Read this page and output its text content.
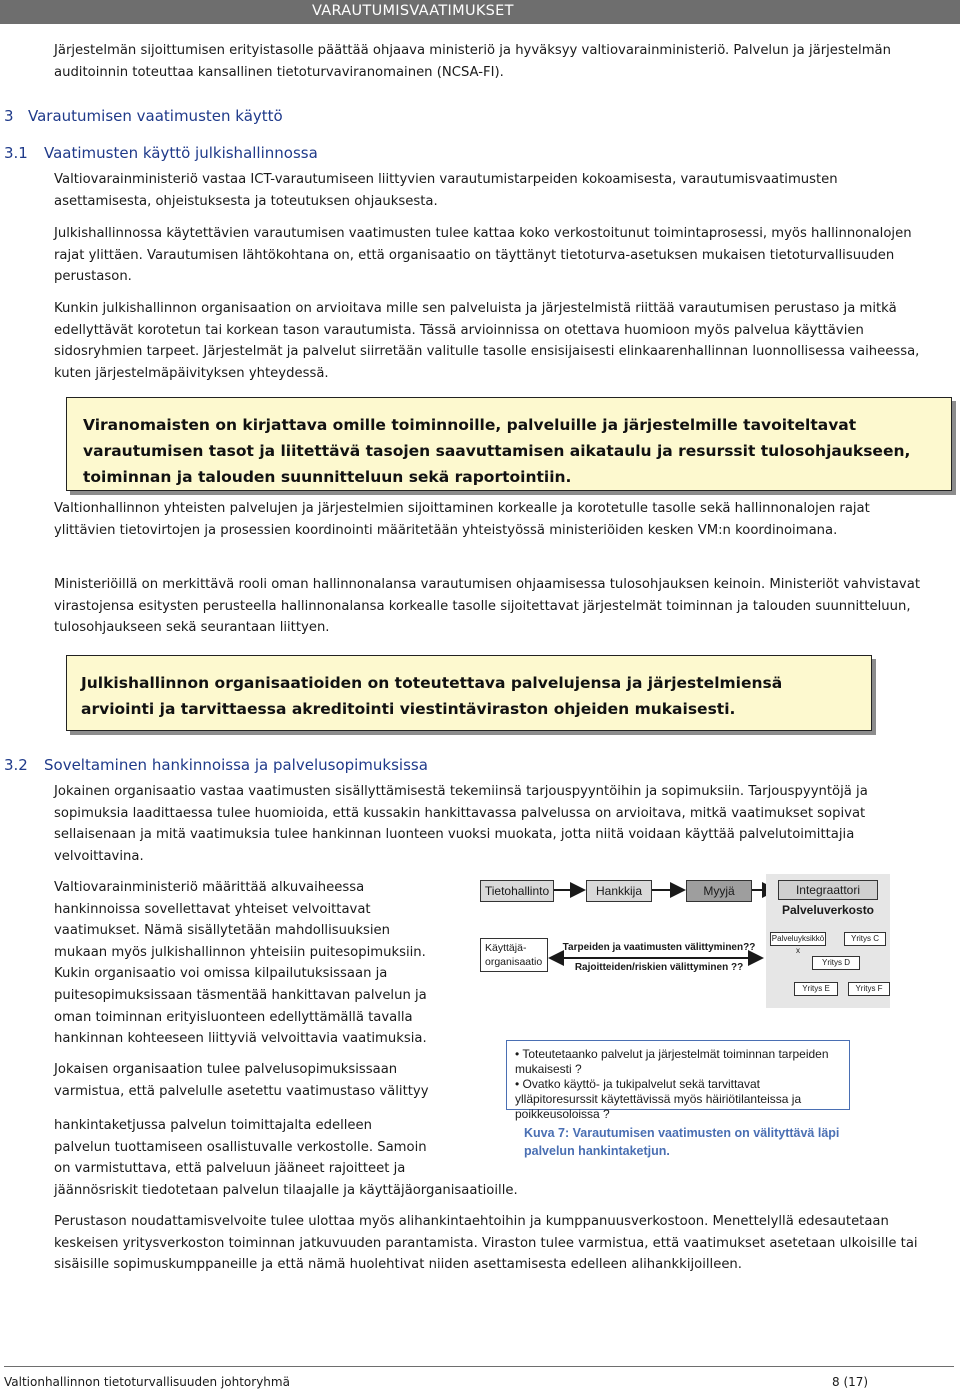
VARAUTUMISVAATIMUKSET

Järjestelmän sijoittumisen erityistasolle päättää ohjaava ministeriö ja hyväksyy valtiovarainministeriö. Palvelun ja järjestelmän auditoinnin toteuttaa kansallinen tietoturvaviranomainen (NCSA-FI).

3 Varautumisen vaatimusten käyttö
3.1 Vaatimusten käyttö julkishallinnossa

Valtiovarainministeriö vastaa ICT-varautumiseen liittyvien varautumistarpeiden kokoamisesta, varautumisvaatimusten asettamisesta, ohjeistuksesta ja toteutuksen ohjauksesta.

Julkishallinnossa käytettävien varautumisen vaatimusten tulee kattaa koko verkostoitunut toimintaprosessi, myös hallinnonalojen rajat ylittäen. Varautumisen lähtökohtana on, että organisaatio on täyttänyt tietoturva-asetuksen mukaisen tietoturvallisuuden perustason.

Kunkin julkishallinnon organisaation on arvioitava mille sen palveluista ja järjestelmistä riittää varautumisen perustaso ja mitkä edellyttävät korotetun tai korkean tason varautumista. Tässä arvioinnissa on otettava huomioon myös palvelua käyttävien sidosryhmien tarpeet. Järjestelmät ja palvelut siirretään valitulle tasolle ensisijaisesti elinkaarenhallinnan luonnollisessa vaiheessa, kuten järjestelmäpäivityksen yhteydessä.

Viranomaisten on kirjattava omille toiminnoille, palveluille ja järjestelmille tavoiteltavat varautumisen tasot ja liitettävä tasojen saavuttamisen aikataulu ja resurssit tulosohjaukseen, toiminnan ja talouden suunnitteluun sekä raportointiin.

Valtionhallinnon yhteisten palvelujen ja järjestelmien sijoittaminen korkealle ja korotetulle tasolle sekä hallinnonalojen rajat ylittävien tietovirtojen ja prosessien koordinointi määritetään yhteistyössä ministeriöiden kesken VM:n koordinoimana.

Ministeriöillä on merkittävä rooli oman hallinnonalansa varautumisen ohjaamisessa tulosohjauksen keinoin. Ministeriöt vahvistavat virastojensa esitysten perusteella hallinnonalansa korkealle tasolle sijoitettavat järjestelmät toiminnan ja talouden suunnitteluun, tulosohjaukseen sekä seurantaan liittyen.

Julkishallinnon organisaatioiden on toteutettava palvelujensa ja järjestelmiensä arviointi ja tarvittaessa akreditointi viestintäviraston ohjeiden mukaisesti.
3.2 Soveltaminen hankinnoissa ja palvelusopimuksissa

Jokainen organisaatio vastaa vaatimusten sisällyttämisestä tekemiinsä tarjouspyyntöihin ja sopimuksiin. Tarjouspyyntöjä ja sopimuksia laadittaessa tulee huomioida, että kussakin hankittavassa palvelussa on arvioitava, mitkä vaatimukset sopivat sellaisenaan ja mitä vaatimuksia tulee hankinnan luonteen vuoksi muokata, jotta niitä voidaan käyttää palvelutoimittajia velvoittavina.

Valtiovarainministeriö määrittää alkuvaiheessa
hankinnoissa sovellettavat yhteiset velvoittavat
vaatimukset. Nämä sisällytetään mahdollisuuksien
mukaan myös julkishallinnon yhteisiin puitesopimuksiin.
Kukin organisaatio voi omissa kilpailutuksissaan ja
puitesopimuksissaan täsmentää hankittavan palvelun ja
oman toiminnan erityisluonteen edellyttämällä tavalla
hankinnan kohteeseen liittyviä velvoittavia vaatimuksia.
Jokaisen organisaation tulee palvelusopimuksissaan
varmistua, että palvelulle asetettu vaatimustaso välittyy
hankintaketjussa palvelun toimittajalta edelleen
palvelun tuottamiseen osallistuvalle verkostolle. Samoin
on varmistuttava, että palveluun jääneet rajoitteet ja
jäännösriskit tiedotetaan palvelun tilaajalle ja käyttäjäorganisaatioille.
Tietohallinto	Hankkija	Myyjä	Integraattori
Palveluverkosto
Palveluyksikkö x
Yritys C
Yritys D
Yritys E	Yritys F
Käyttäjä-
organisaatio
Tarpeiden ja vaatimusten välittyminen??
Rajoitteiden/riskien välittyminen ??
• Toteutetaanko palvelut ja järjestelmät toiminnan tarpeiden mukaisesti ?
• Ovatko käyttö- ja tukipalvelut sekä tarvittavat ylläpitoresurssit käytettävissä myös häiriötilanteissa ja poikkeusoloissa ?
Kuva 7: Varautumisen vaatimusten on välityttävä läpi palvelun hankintaketjun.

Perustason noudattamisvelvoite tulee ulottaa myös alihankintaehtoihin ja kumppanuusverkostoon. Menettelyllä edesautetaan keskeisen yritysverkoston toiminnan jatkuvuuden parantamista. Viraston tulee varmistua, että vaatimukset asetetaan ulkoisille tai sisäisille sopimuskumppaneille ja että nämä huolehtivat niiden asettamisesta edelleen alihankkijoilleen.

Valtionhallinnon tietoturvallisuuden johtoryhmä	8 (17)
